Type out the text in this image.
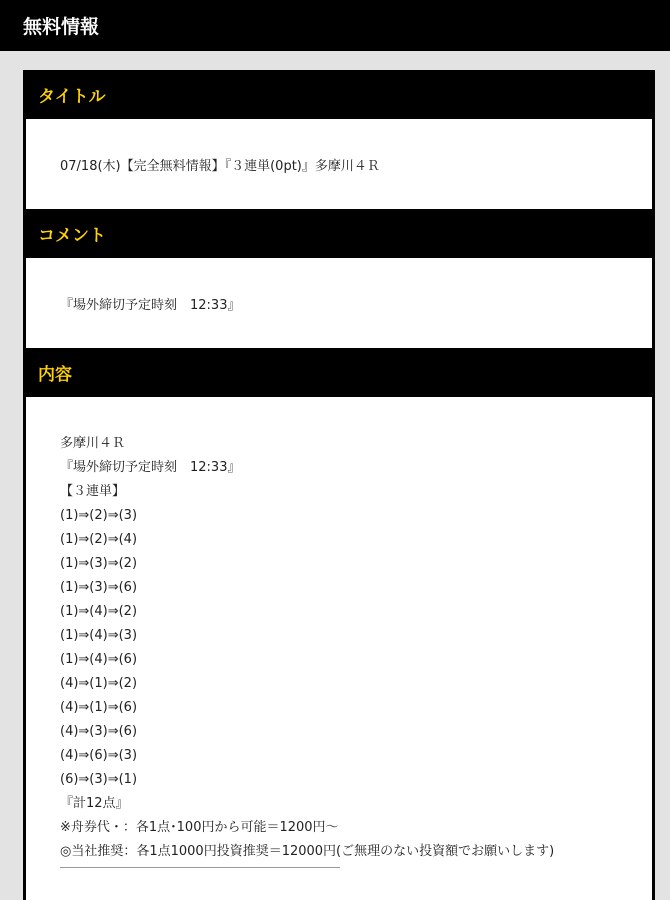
無料情報
タイトル
07/18(木)【完全無料情報】『３連単(0pt)』多摩川４Ｒ
コメント
『場外締切予定時刻　12:33』
内容
多摩川４Ｒ
『場外締切予定時刻　12:33』
【３連単】
(1)⇒(2)⇒(3)
(1)⇒(2)⇒(4)
(1)⇒(3)⇒(2)
(1)⇒(3)⇒(6)
(1)⇒(4)⇒(2)
(1)⇒(4)⇒(3)
(1)⇒(4)⇒(6)
(4)⇒(1)⇒(2)
(4)⇒(1)⇒(6)
(4)⇒(3)⇒(6)
(4)⇒(6)⇒(3)
(6)⇒(3)⇒(1)
『計12点』
※舟券代・：各1点･100円から可能＝1200円〜
◎当社推奨：各1点1000円投資推奨＝12000円(ご無理のない投資額でお願いします)
